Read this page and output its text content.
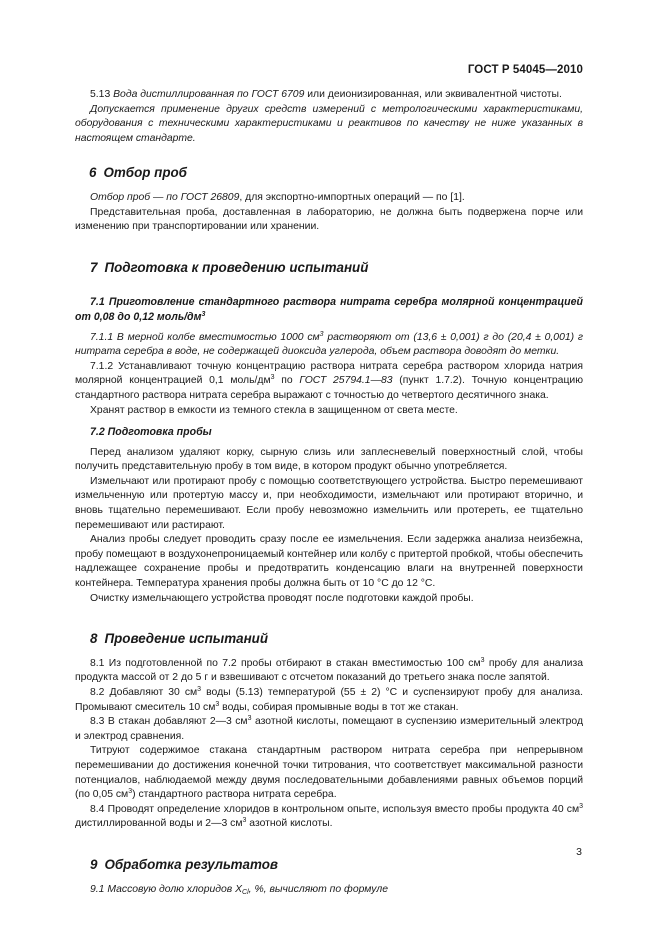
ГОСТ Р 54045—2010

5.13 Вода дистиллированная по ГОСТ 6709 или деионизированная, или эквивалентной чистоты.

Допускается применение других средств измерений с метрологическими характеристиками, оборудования с техническими характеристиками и реактивов по качеству не ниже указанных в настоящем стандарте.

6 Отбор проб

Отбор проб — по ГОСТ 26809, для экспортно-импортных операций — по [1].

Представительная проба, доставленная в лабораторию, не должна быть подвержена порче или изменению при транспортировании или хранении.

7 Подготовка к проведению испытаний
7.1 Приготовление стандартного раствора нитрата серебра молярной концентрацией от 0,08 до 0,12 моль/$дм^3$

7.1.1 В мерной колбе вместимостью 1000 $см^3$ растворяют от (13,6 ± 0,001) г до (20,4 ± 0,001) г нитрата серебра в воде, не содержащей диоксида углерода, объем раствора доводят до метки.

7.1.2 Устанавливают точную концентрацию раствора нитрата серебра раствором хлорида натрия молярной концентрацией 0,1 моль/$дм^3$ по ГОСТ 25794.1—83 (пункт 1.7.2). Точную концентрацию стандартного раствора нитрата серебра выражают с точностью до четвертого десятичного знака.

Хранят раствор в емкости из темного стекла в защищенном от света месте.

7.2 Подготовка пробы

Перед анализом удаляют корку, сырную слизь или заплесневелый поверхностный слой, чтобы получить представительную пробу в том виде, в котором продукт обычно употребляется.

Измельчают или протирают пробу с помощью соответствующего устройства. Быстро перемешивают измельченную или протертую массу и, при необходимости, измельчают или протирают вторично, и вновь тщательно перемешивают. Если пробу невозможно измельчить или протереть, ее тщательно перемешивают или растирают.

Анализ пробы следует проводить сразу после ее измельчения. Если задержка анализа неизбежна, пробу помещают в воздухонепроницаемый контейнер или колбу с притертой пробкой, чтобы обеспечить надлежащее сохранение пробы и предотвратить конденсацию влаги на внутренней поверхности контейнера. Температура хранения пробы должна быть от 10 °С до 12 °С.

Очистку измельчающего устройства проводят после подготовки каждой пробы.

8 Проведение испытаний

8.1 Из подготовленной по 7.2 пробы отбирают в стакан вместимостью 100 $см^3$ пробу для анализа продукта массой от 2 до 5 г и взвешивают с отсчетом показаний до третьего знака после запятой.

8.2 Добавляют 30 $см^3$ воды (5.13) температурой (55 ± 2) °С и суспензируют пробу для анализа. Промывают смеситель 10 $см^3$ воды, собирая промывные воды в тот же стакан.

8.3 В стакан добавляют 2—3 $см^3$ азотной кислоты, помещают в суспензию измерительный электрод и электрод сравнения.

Титруют содержимое стакана стандартным раствором нитрата серебра при непрерывном перемешивании до достижения конечной точки титрования, что соответствует максимальной разности потенциалов, наблюдаемой между двумя последовательными добавлениями равных объемов порций (по 0,05 $см^3$) стандартного раствора нитрата серебра.

8.4 Проводят определение хлоридов в контрольном опыте, используя вместо пробы продукта 40 $см^3$ дистиллированной воды и 2—3 $см^3$ азотной кислоты.

9 Обработка результатов

9.1 Массовую долю хлоридов $X_{Cl}$, %, вычисляют по формуле

3
